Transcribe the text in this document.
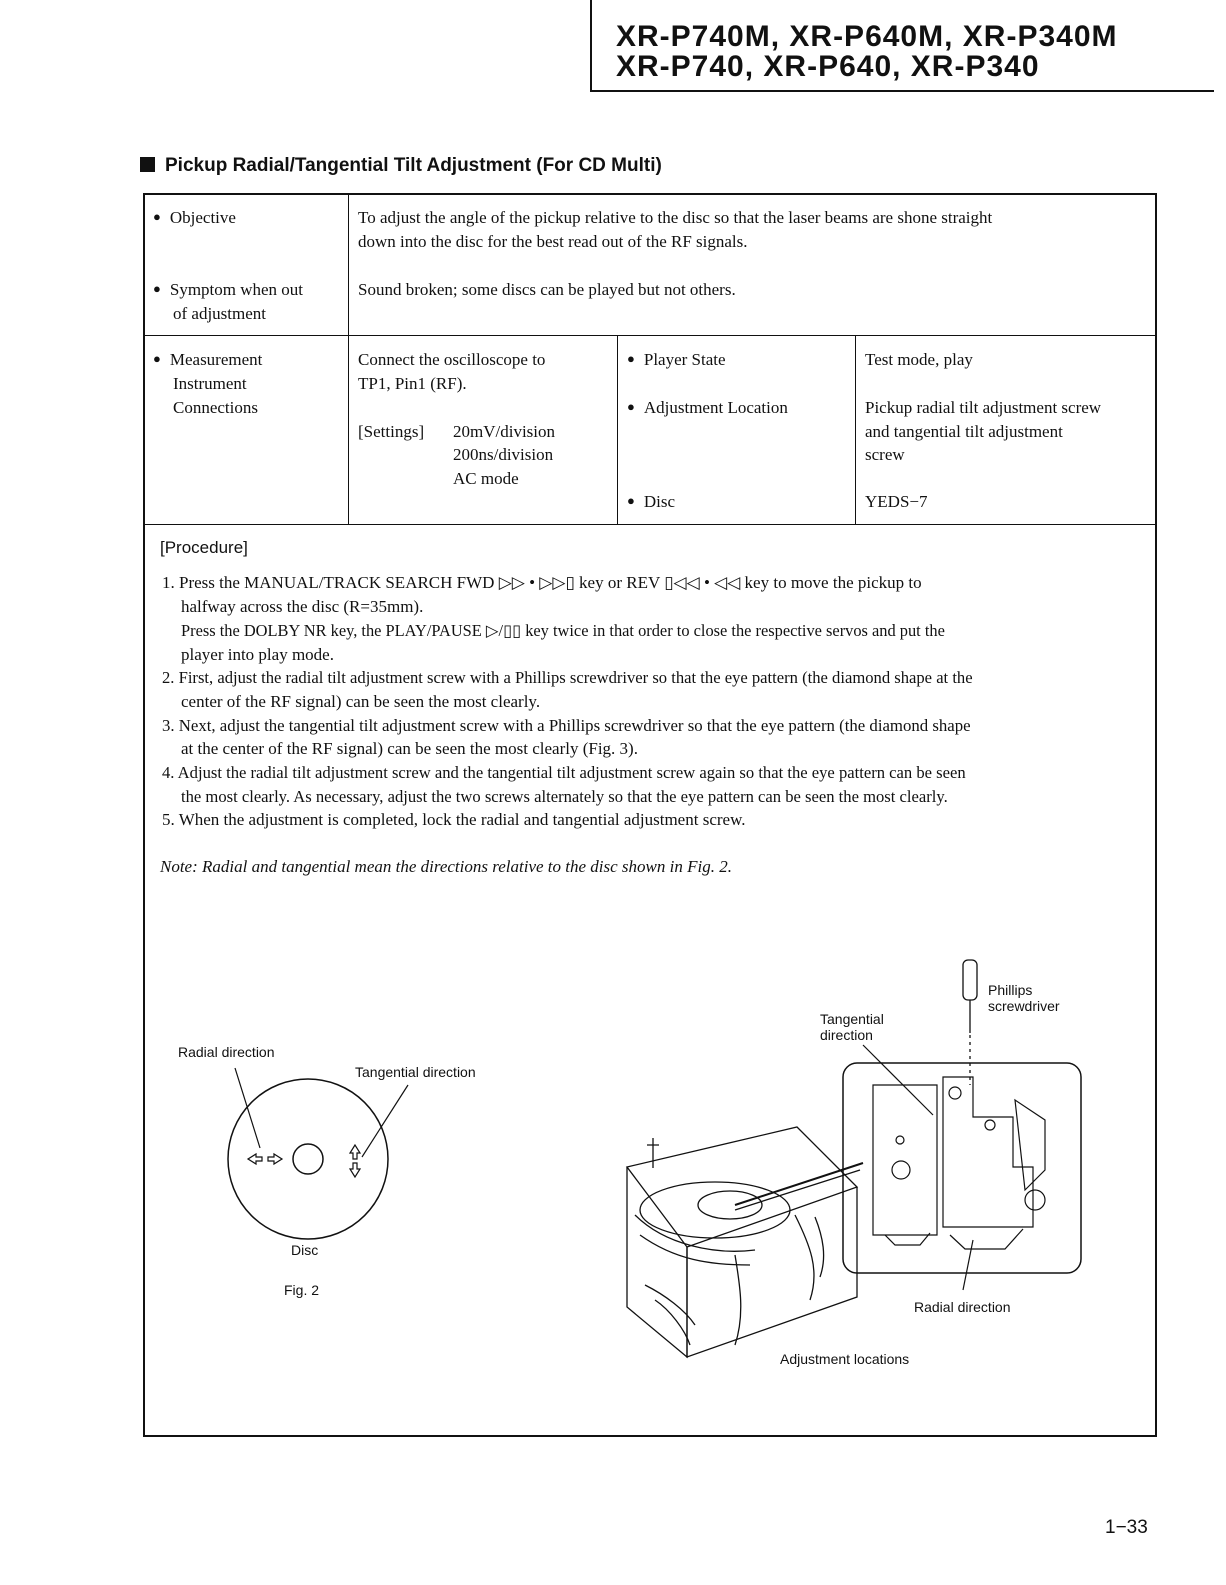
XR-P740M, XR-P640M, XR-P340M
XR-P740, XR-P640, XR-P340
Pickup Radial/Tangential Tilt Adjustment (For CD Multi)
● Objective	To adjust the angle of the pickup relative to the disc so that the laser beams are shone straight
down into the disc for the best read out of the RF signals.
● Symptom when out
of adjustment
Sound broken; some discs can be played but not others.
● Measurement
Instrument
Connections
Connect the oscilloscope to
TP1, Pin1 (RF).
[Settings] 20mV/division
200ns/division
AC mode
● Player State
● Adjustment Location
● Disc
Test mode, play
Pickup radial tilt adjustment screw
and tangential tilt adjustment
screw
YEDS−7
[Procedure]
1. Press the MANUAL/TRACK SEARCH FWD ▷▷ • ▷▷▯ key or REV ▯◁◁ • ◁◁ key to move the pickup to
halfway across the disc (R=35mm).
Press the DOLBY NR key, the PLAY/PAUSE ▷/▯▯ key twice in that order to close the respective servos and put the
player into play mode.
2. First, adjust the radial tilt adjustment screw with a Phillips screwdriver so that the eye pattern (the diamond shape at the
center of the RF signal) can be seen the most clearly.
3. Next, adjust the tangential tilt adjustment screw with a Phillips screwdriver so that the eye pattern (the diamond shape
at the center of the RF signal) can be seen the most clearly (Fig. 3).
4. Adjust the radial tilt adjustment screw and the tangential tilt adjustment screw again so that the eye pattern can be seen
the most clearly. As necessary, adjust the two screws alternately so that the eye pattern can be seen the most clearly.
5. When the adjustment is completed, lock the radial and tangential adjustment screw.
Note: Radial and tangential mean the directions relative to the disc shown in Fig. 2.
Radial direction
Tangential direction
Disc
Fig. 2
Phillips
screwdriver
Tangential
direction
Radial direction
Adjustment locations
1−33
